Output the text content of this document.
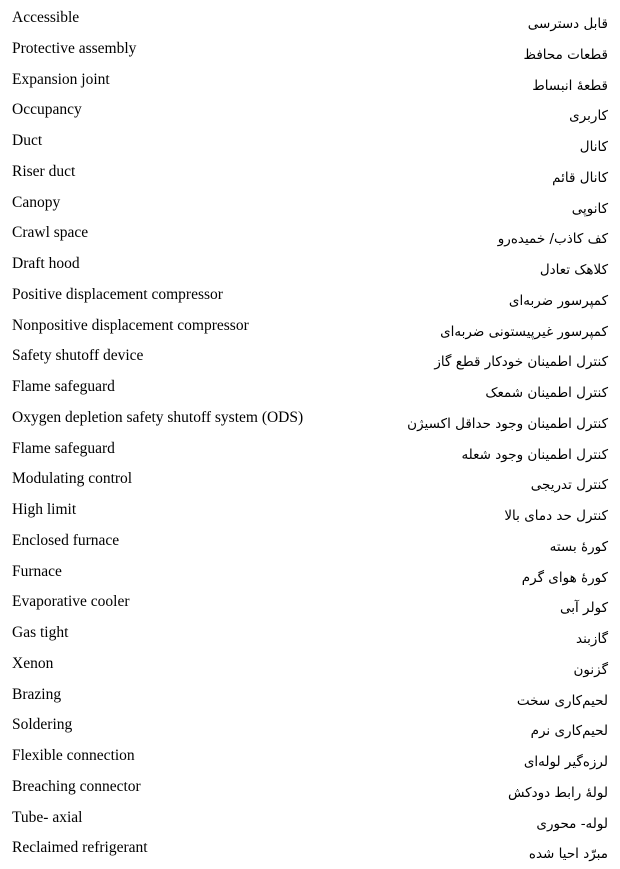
Accessible	قابل دسترسی
Protective assembly	قطعات محافظ
Expansion joint	قطعهٔ انبساط
Occupancy	کاربری
Duct	کانال
Riser duct	کانال قائم
Canopy	کانوپی
Crawl space	کف کاذب/ خمیده‌رو
Draft hood	کلاهک تعادل
Positive displacement compressor	کمپرسور ضربه‌ای
Nonpositive displacement compressor	کمپرسور غیرپیستونی ضربه‌ای
Safety shutoff device	کنترل اطمینان خودکار قطع گاز
Flame safeguard	کنترل اطمینان شمعک
Oxygen depletion safety shutoff system (ODS)	کنترل اطمینان وجود حداقل اکسیژن
Flame safeguard	کنترل اطمینان وجود شعله
Modulating control	کنترل تدریجی
High limit	کنترل حد دمای بالا
Enclosed furnace	کورهٔ بسته
Furnace	کورهٔ هوای گرم
Evaporative cooler	کولر آبی
Gas tight	گازبند
Xenon	گزنون
Brazing	لحیم‌کاری سخت
Soldering	لحیم‌کاری نرم
Flexible connection	لرزه‌گیر لوله‌ای
Breaching connector	لولهٔ رابط دودکش
Tube- axial	لوله- محوری
Reclaimed refrigerant	مبرّد احیا شده
